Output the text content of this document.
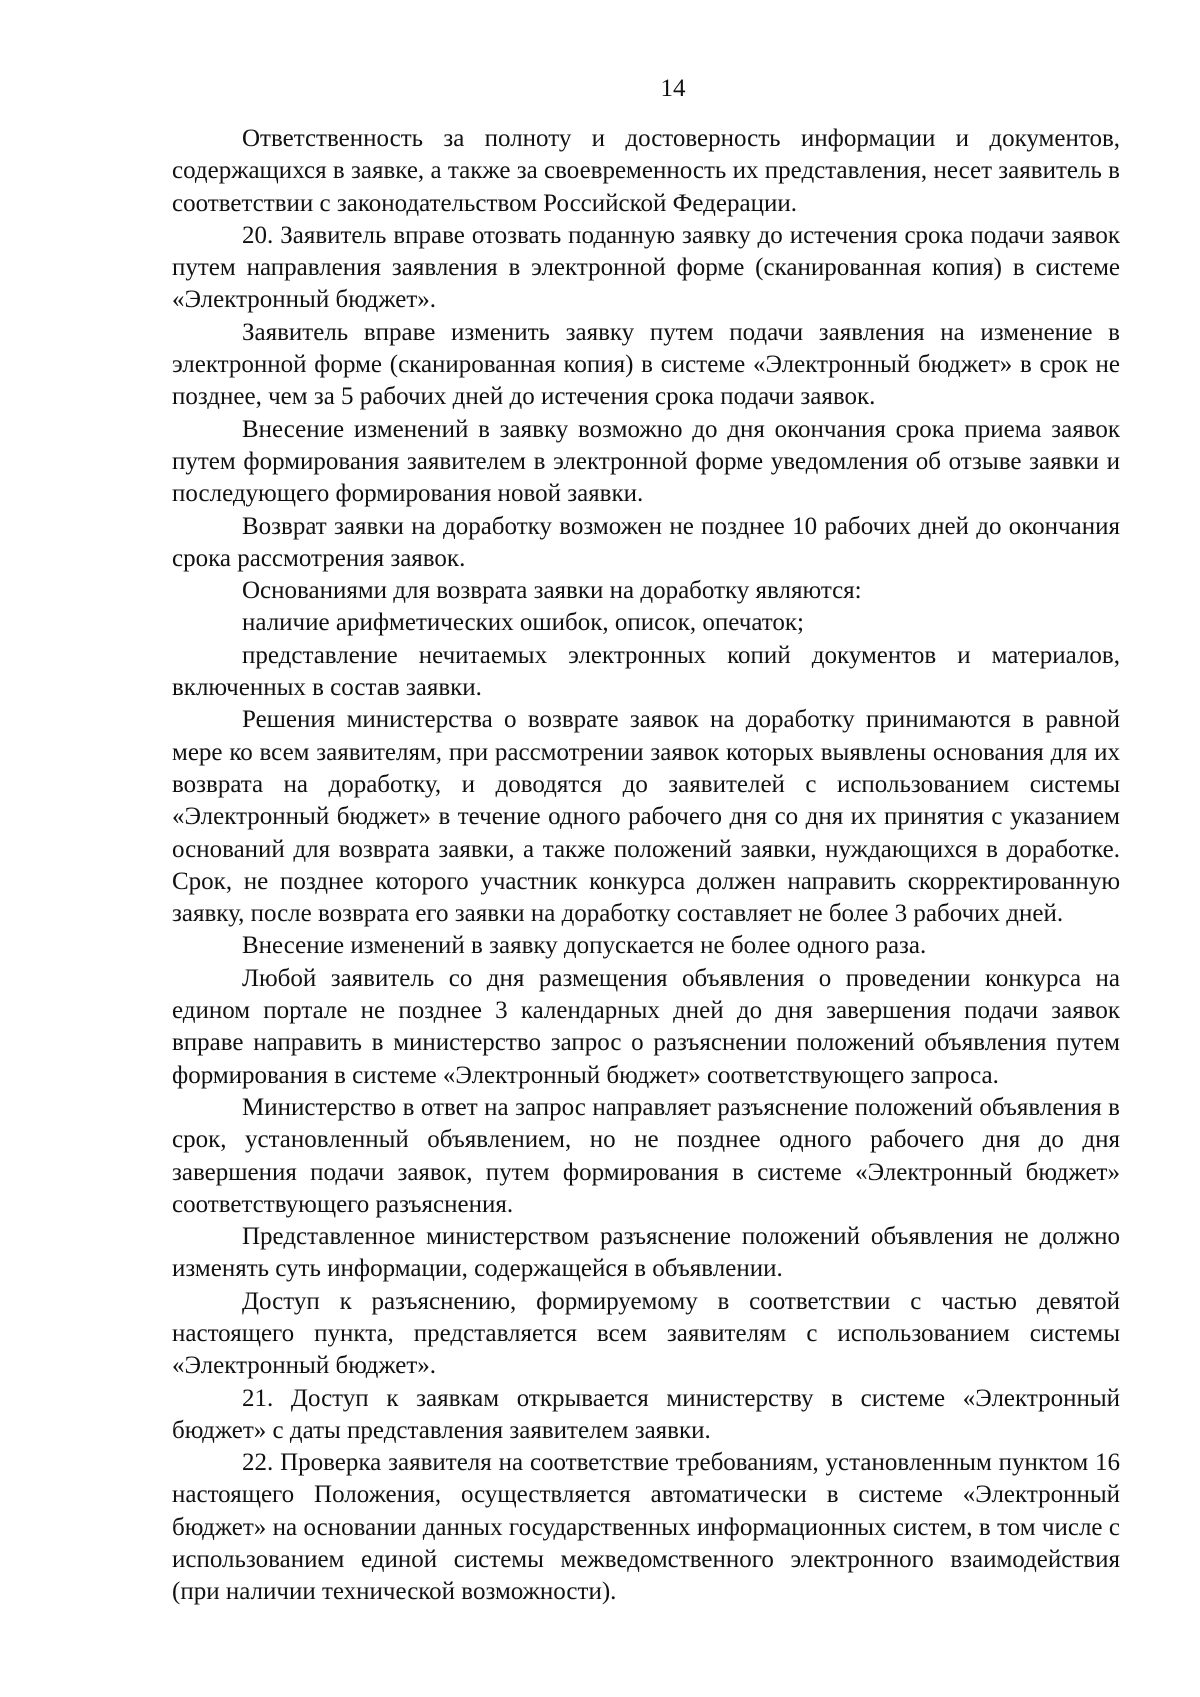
14

Ответственность за полноту и достоверность информации и документов, содержащихся в заявке, а также за своевременность их представления, несет заявитель в соответствии с законодательством Российской Федерации.

20. Заявитель вправе отозвать поданную заявку до истечения срока подачи заявок путем направления заявления в электронной форме (сканированная копия) в системе «Электронный бюджет».

Заявитель вправе изменить заявку путем подачи заявления на изменение в электронной форме (сканированная копия) в системе «Электронный бюджет» в срок не позднее, чем за 5 рабочих дней до истечения срока подачи заявок.

Внесение изменений в заявку возможно до дня окончания срока приема заявок путем формирования заявителем в электронной форме уведомления об отзыве заявки и последующего формирования новой заявки.

Возврат заявки на доработку возможен не позднее 10 рабочих дней до окончания срока рассмотрения заявок.

Основаниями для возврата заявки на доработку являются:

наличие арифметических ошибок, описок, опечаток;

представление нечитаемых электронных копий документов и материалов, включенных в состав заявки.

Решения министерства о возврате заявок на доработку принимаются в равной мере ко всем заявителям, при рассмотрении заявок которых выявлены основания для их возврата на доработку, и доводятся до заявителей с использованием системы «Электронный бюджет» в течение одного рабочего дня со дня их принятия с указанием оснований для возврата заявки, а также положений заявки, нуждающихся в доработке. Срок, не позднее которого участник конкурса должен направить скорректированную заявку, после возврата его заявки на доработку составляет не более 3 рабочих дней.

Внесение изменений в заявку допускается не более одного раза.

Любой заявитель со дня размещения объявления о проведении конкурса на едином портале не позднее 3 календарных дней до дня завершения подачи заявок вправе направить в министерство запрос о разъяснении положений объявления путем формирования в системе «Электронный бюджет» соответствующего запроса.

Министерство в ответ на запрос направляет разъяснение положений объявления в срок, установленный объявлением, но не позднее одного рабочего дня до дня завершения подачи заявок, путем формирования в системе «Электронный бюджет» соответствующего разъяснения.

Представленное министерством разъяснение положений объявления не должно изменять суть информации, содержащейся в объявлении.

Доступ к разъяснению, формируемому в соответствии с частью девятой настоящего пункта, представляется всем заявителям с использованием системы «Электронный бюджет».

21. Доступ к заявкам открывается министерству в системе «Электронный бюджет» с даты представления заявителем заявки.

22. Проверка заявителя на соответствие требованиям, установленным пунктом 16 настоящего Положения, осуществляется автоматически в системе «Электронный бюджет» на основании данных государственных информационных систем, в том числе с использованием единой системы межведомственного электронного взаимодействия (при наличии технической возможности).
